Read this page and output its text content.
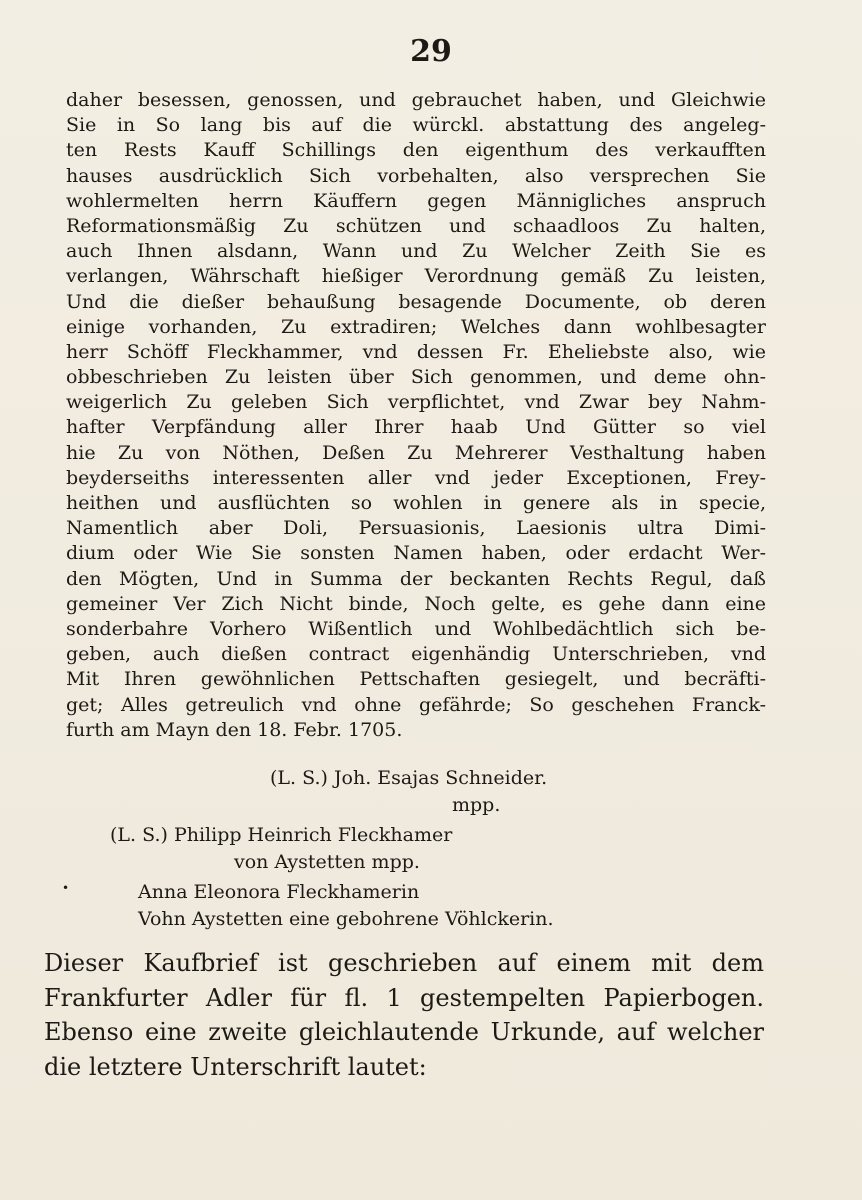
29
daher besessen, genossen, und gebrauchet haben, und Gleichwie
Sie in So lang bis auf die würckl. abstattung des angeleg-
ten Rests Kauff Schillings den eigenthum des verkaufften
hauses ausdrücklich Sich vorbehalten, also versprechen Sie
wohlermelten herrn Käuffern gegen Männigliches anspruch
Reformationsmäßig Zu schützen und schaadloos Zu halten,
auch Ihnen alsdann, Wann und Zu Welcher Zeith Sie es
verlangen, Währschaft hießiger Verordnung gemäß Zu leisten,
Und die dießer behaußung besagende Documente, ob deren
einige vorhanden, Zu extradiren; Welches dann wohlbesagter
herr Schöff Fleckhammer, vnd dessen Fr. Eheliebste also, wie
obbeschrieben Zu leisten über Sich genommen, und deme ohn-
weigerlich Zu geleben Sich verpflichtet, vnd Zwar bey Nahm-
hafter Verpfändung aller Ihrer haab Und Gütter so viel
hie Zu von Nöthen, Deßen Zu Mehrerer Vesthaltung haben
beyderseiths interessenten aller vnd jeder Exceptionen, Frey-
heithen und ausflüchten so wohlen in genere als in specie,
Namentlich aber Doli, Persuasionis, Laesionis ultra Dimi-
dium oder Wie Sie sonsten Namen haben, oder erdacht Wer-
den Mögten, Und in Summa der beckanten Rechts Regul, daß
gemeiner Ver Zich Nicht binde, Noch gelte, es gehe dann eine
sonderbahre Vorhero Wißentlich und Wohlbedächtlich sich be-
geben, auch dießen contract eigenhändig Unterschrieben, vnd
Mit Ihren gewöhnlichen Pettschaften gesiegelt, und becräfti-
get; Alles getreulich vnd ohne gefährde; So geschehen Franck-
furth am Mayn den 18. Febr. 1705.
(L. S.) Joh. Esajas Schneider.
mpp.
(L. S.) Philipp Heinrich Fleckhamer
von Aystetten mpp.
Anna Eleonora Fleckhamerin
Vohn Aystetten eine gebohrene Vöhlckerin.
•
Dieser Kaufbrief ist geschrieben auf einem mit dem
Frankfurter Adler für fl. 1 gestempelten Papierbogen.
Ebenso eine zweite gleichlautende Urkunde, auf welcher
die letztere Unterschrift lautet:
